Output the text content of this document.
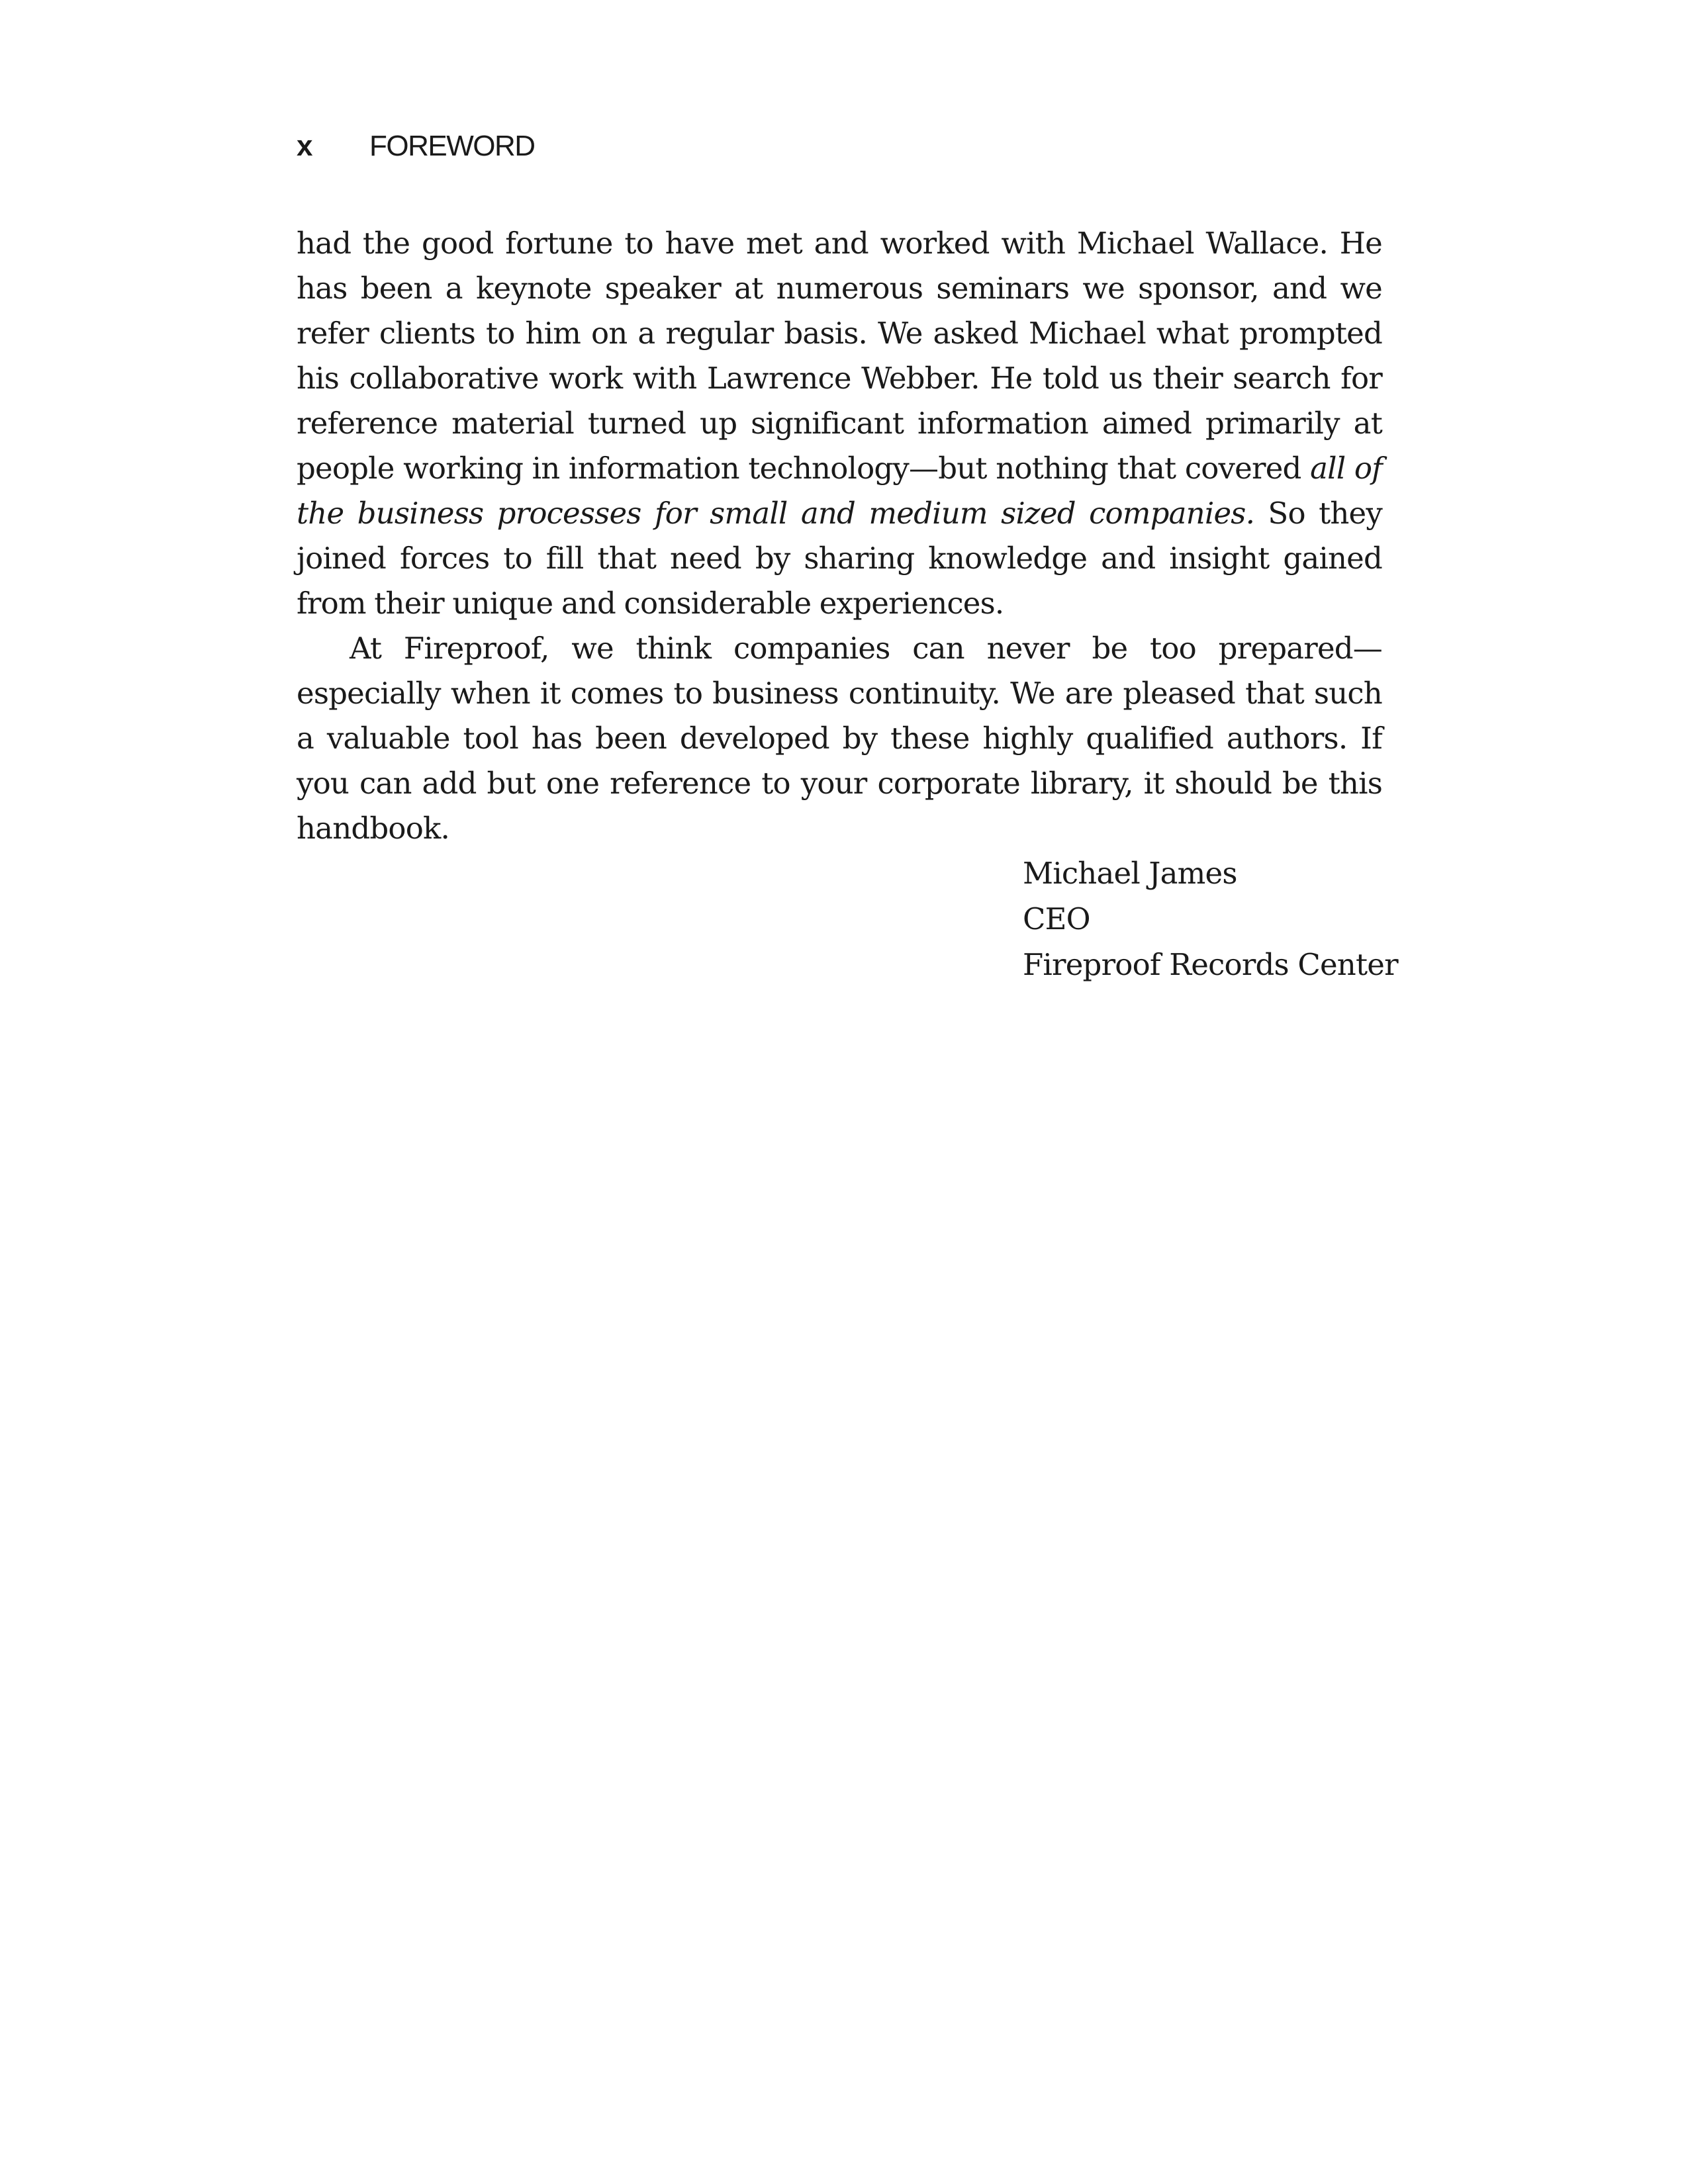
x	FOREWORD

had the good fortune to have met and worked with Michael Wallace. He has been a keynote speaker at numerous seminars we sponsor, and we refer clients to him on a regular basis. We asked Michael what prompted his collaborative work with Lawrence Webber. He told us their search for reference material turned up significant information aimed primarily at people working in information technology—but nothing that covered all of the business processes for small and medium sized companies. So they joined forces to fill that need by sharing knowledge and insight gained from their unique and considerable experiences.

At Fireproof, we think companies can never be too prepared—especially when it comes to business continuity. We are pleased that such a valuable tool has been developed by these highly qualified authors. If you can add but one reference to your corporate library, it should be this handbook.

Michael James
CEO
Fireproof Records Center
